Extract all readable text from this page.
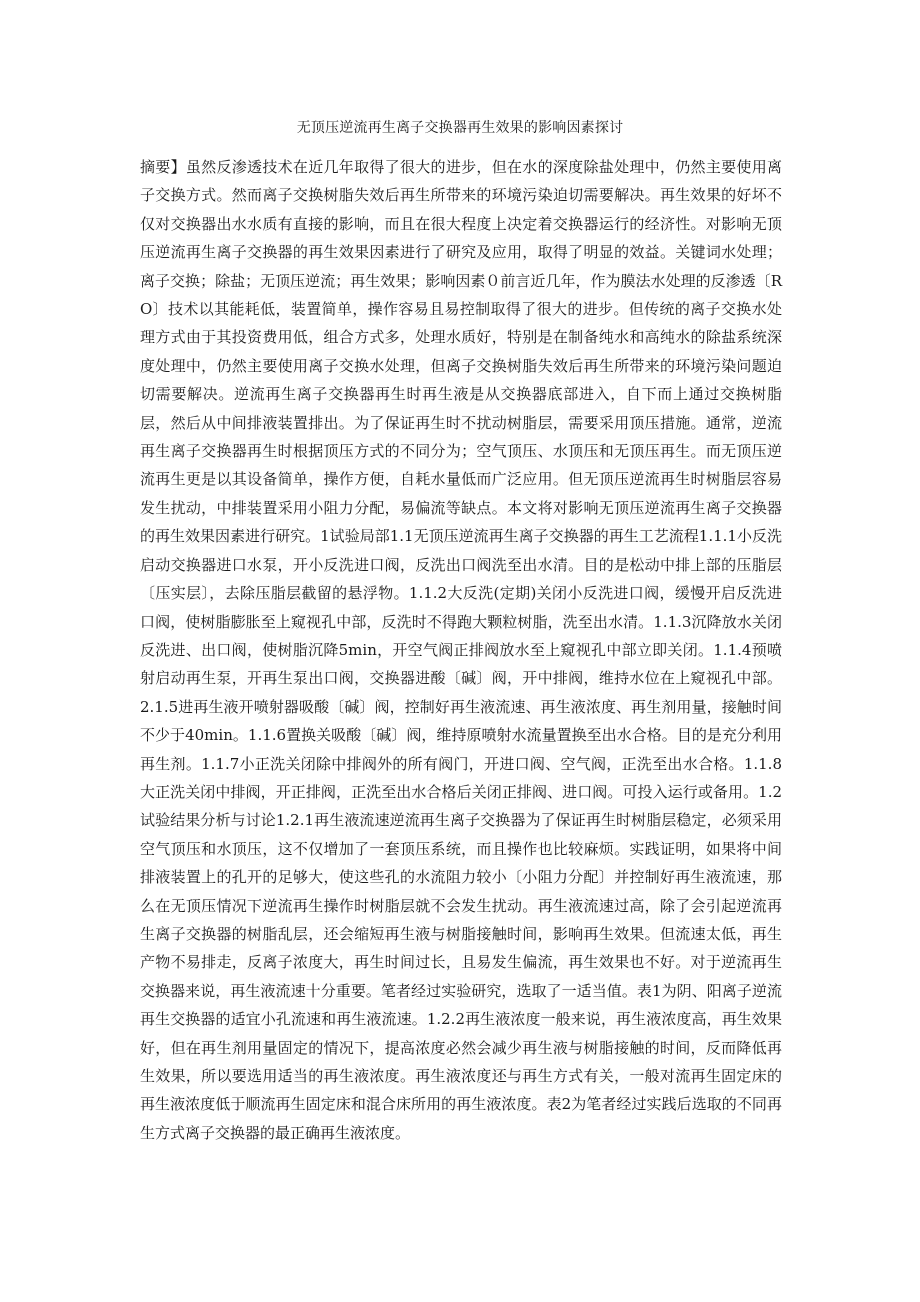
无顶压逆流再生离子交换器再生效果的影响因素探讨
摘要】虽然反渗透技术在近几年取得了很大的进步，但在水的深度除盐处理中，仍然主要使用离子交换方式。然而离子交换树脂失效后再生所带来的环境污染迫切需要解决。再生效果的好坏不仅对交换器出水水质有直接的影响，而且在很大程度上决定着交换器运行的经济性。对影响无顶压逆流再生离子交换器的再生效果因素进行了研究及应用，取得了明显的效益。关键词水处理；离子交换；除盐；无顶压逆流；再生效果；影响因素０前言近几年，作为膜法水处理的反渗透〔RO〕技术以其能耗低，装置简单，操作容易且易控制取得了很大的进步。但传统的离子交换水处理方式由于其投资费用低，组合方式多，处理水质好，特别是在制备纯水和高纯水的除盐系统深度处理中，仍然主要使用离子交换水处理，但离子交换树脂失效后再生所带来的环境污染问题迫切需要解决。逆流再生离子交换器再生时再生液是从交换器底部进入，自下而上通过交换树脂层，然后从中间排液装置排出。为了保证再生时不扰动树脂层，需要采用顶压措施。通常，逆流再生离子交换器再生时根据顶压方式的不同分为；空气顶压、水顶压和无顶压再生。而无顶压逆流再生更是以其设备简单，操作方便，自耗水量低而广泛应用。但无顶压逆流再生时树脂层容易发生扰动，中排装置采用小阻力分配，易偏流等缺点。本文将对影响无顶压逆流再生离子交换器的再生效果因素进行研究。1试验局部1.1无顶压逆流再生离子交换器的再生工艺流程1.1.1小反洗启动交换器进口水泵，开小反洗进口阀，反洗出口阀洗至出水清。目的是松动中排上部的压脂层〔压实层〕，去除压脂层截留的悬浮物。1.1.2大反洗(定期)关闭小反洗进口阀，缓慢开启反洗进口阀，使树脂膨胀至上窥视孔中部，反洗时不得跑大颗粒树脂，洗至出水清。1.1.3沉降放水关闭反洗进、出口阀，使树脂沉降5min，开空气阀正排阀放水至上窥视孔中部立即关闭。1.1.4预喷射启动再生泵，开再生泵出口阀，交换器进酸〔碱〕阀，开中排阀，维持水位在上窥视孔中部。2.1.5进再生液开喷射器吸酸〔碱〕阀，控制好再生液流速、再生液浓度、再生剂用量，接触时间不少于40min。1.1.6置换关吸酸〔碱〕阀，维持原喷射水流量置换至出水合格。目的是充分利用再生剂。1.1.7小正洗关闭除中排阀外的所有阀门，开进口阀、空气阀，正洗至出水合格。1.1.8大正洗关闭中排阀，开正排阀，正洗至出水合格后关闭正排阀、进口阀。可投入运行或备用。1.2试验结果分析与讨论1.2.1再生液流速逆流再生离子交换器为了保证再生时树脂层稳定，必须采用空气顶压和水顶压，这不仅增加了一套顶压系统，而且操作也比较麻烦。实践证明，如果将中间排液装置上的孔开的足够大，使这些孔的水流阻力较小〔小阻力分配〕并控制好再生液流速，那么在无顶压情况下逆流再生操作时树脂层就不会发生扰动。再生液流速过高，除了会引起逆流再生离子交换器的树脂乱层，还会缩短再生液与树脂接触时间，影响再生效果。但流速太低，再生产物不易排走，反离子浓度大，再生时间过长，且易发生偏流，再生效果也不好。对于逆流再生交换器来说，再生液流速十分重要。笔者经过实验研究，选取了一适当值。表1为阴、阳离子逆流再生交换器的适宜小孔流速和再生液流速。1.2.2再生液浓度一般来说，再生液浓度高，再生效果好，但在再生剂用量固定的情况下，提高浓度必然会减少再生液与树脂接触的时间，反而降低再生效果，所以要选用适当的再生液浓度。再生液浓度还与再生方式有关，一般对流再生固定床的再生液浓度低于顺流再生固定床和混合床所用的再生液浓度。表2为笔者经过实践后选取的不同再生方式离子交换器的最正确再生液浓度。
